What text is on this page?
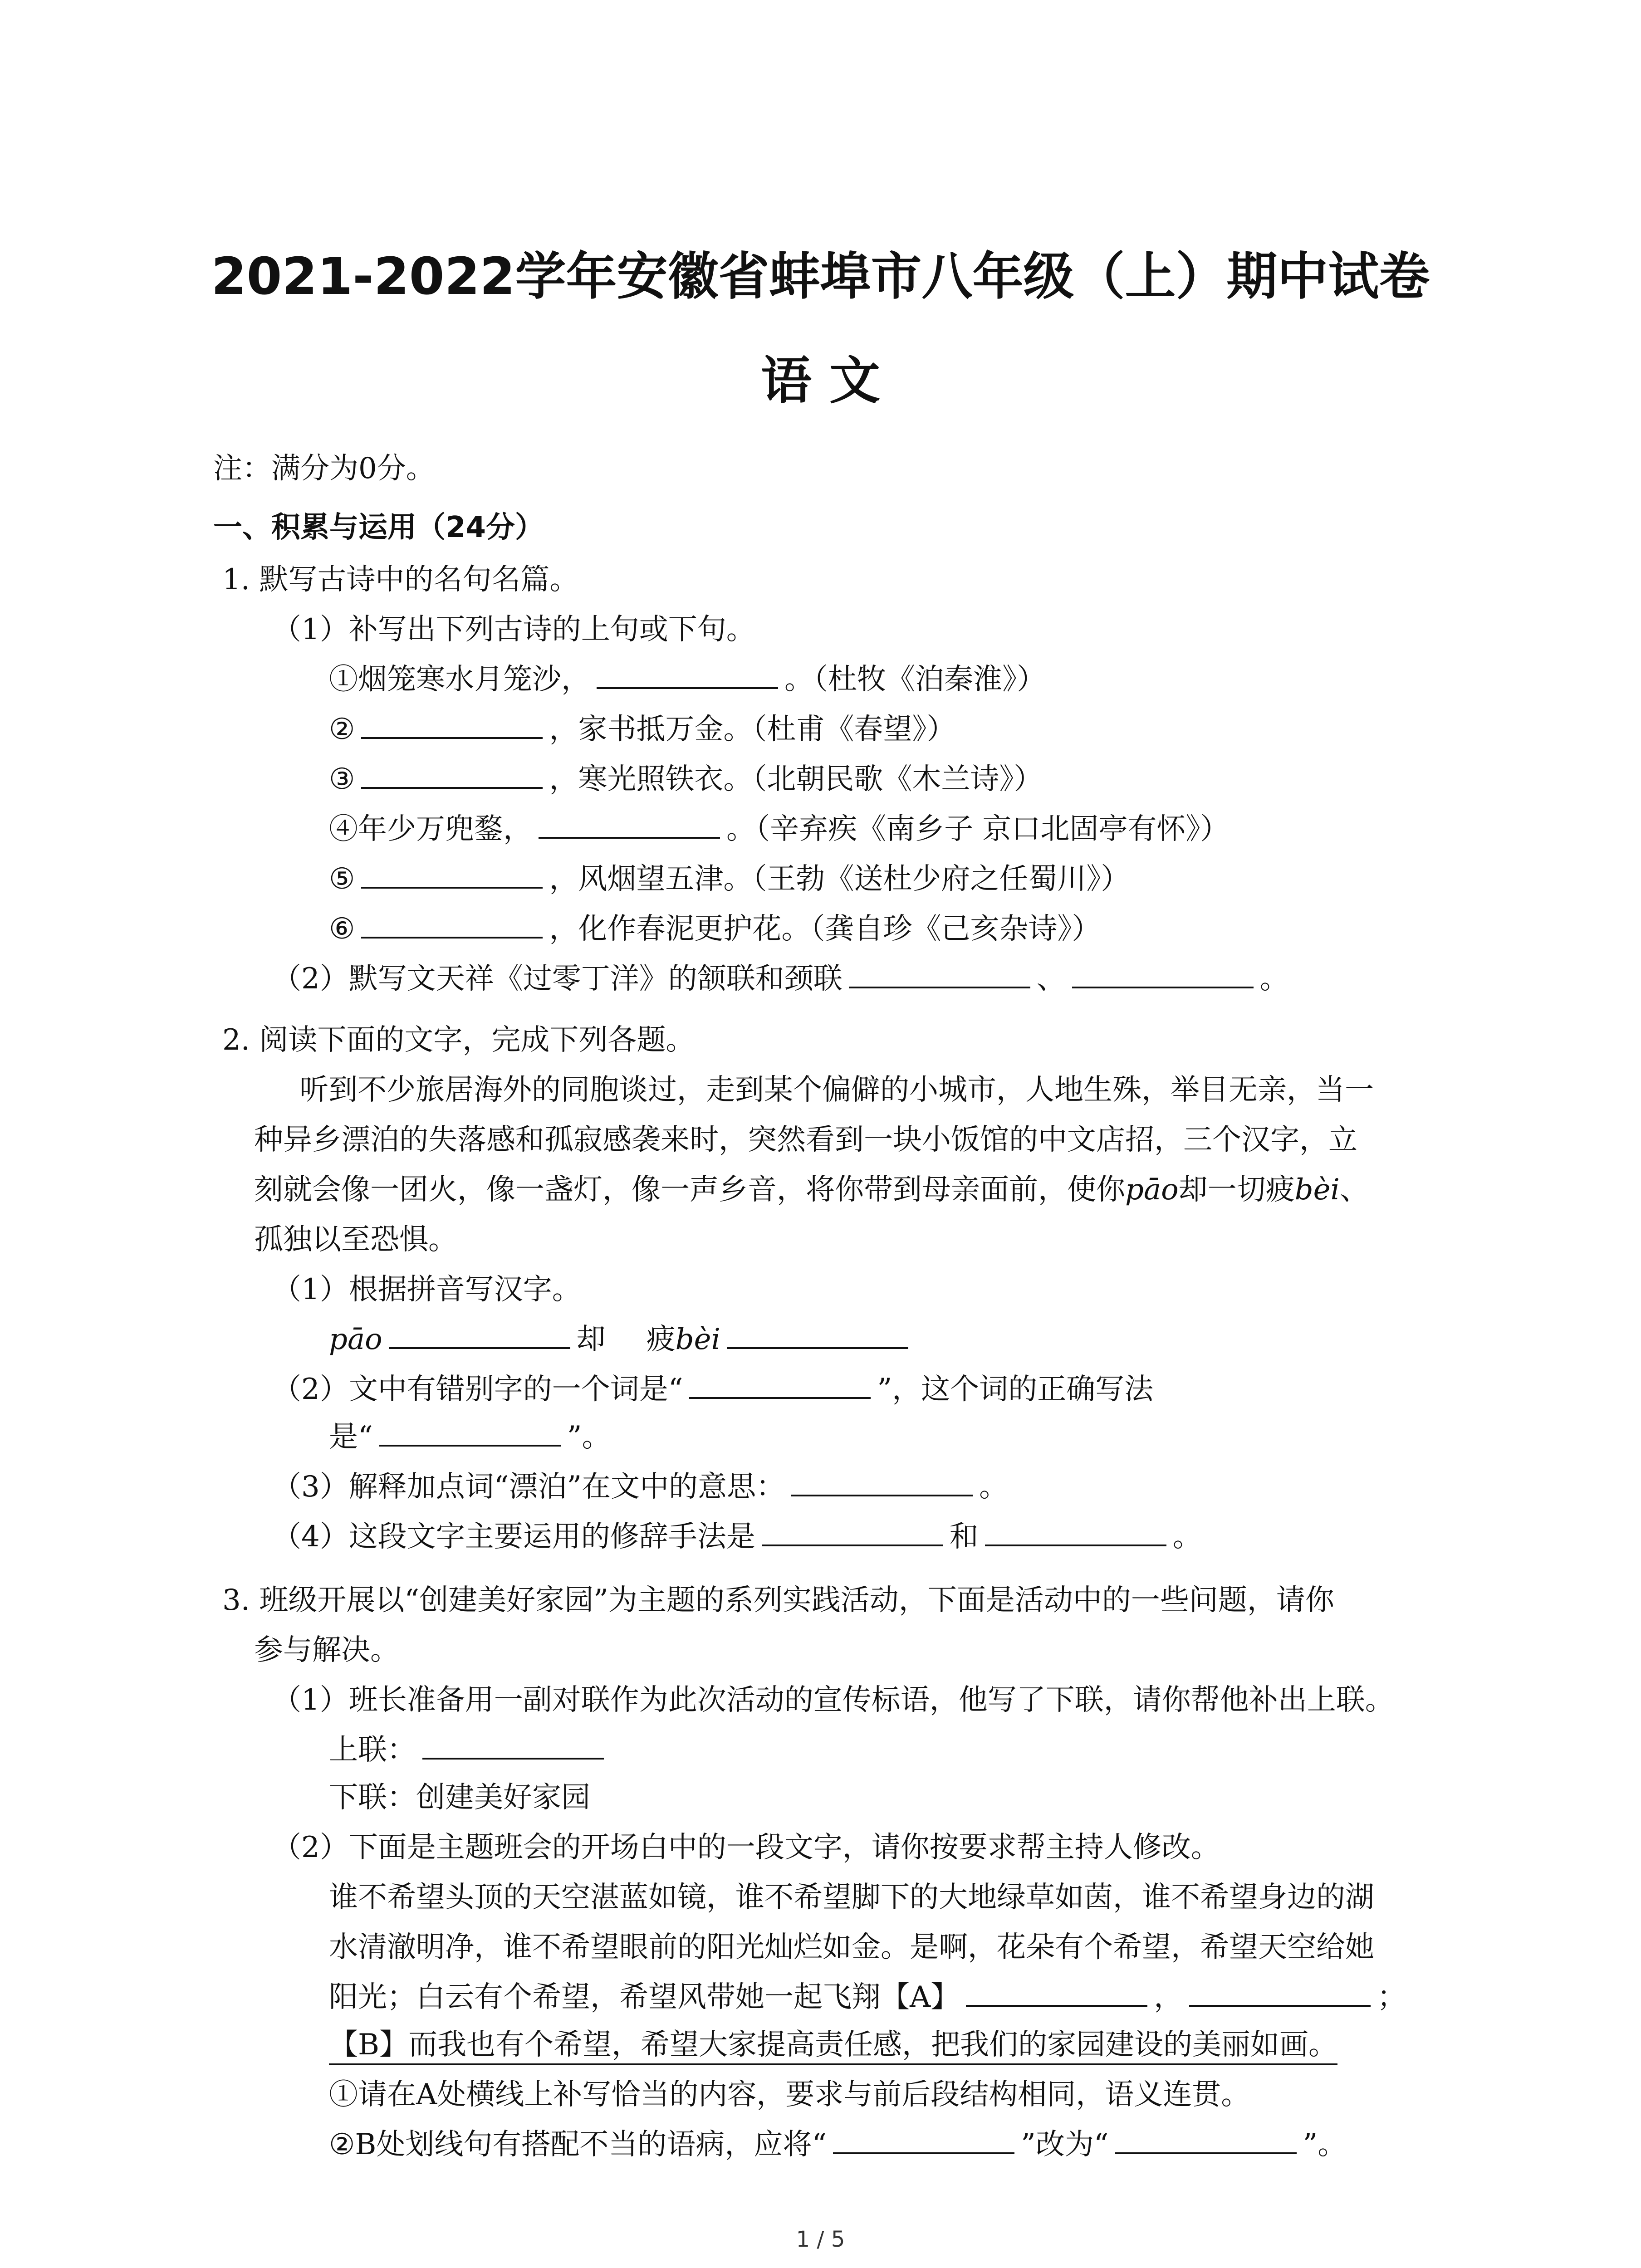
2021-2022学年安徽省蚌埠市八年级（上）期中试卷
语 文
注：满分为0分。
一、积累与运用（24分）
1. 默写古诗中的名句名篇。
（1）补写出下列古诗的上句或下句。
①烟笼寒水月笼沙，	。（杜牧《泊秦淮》）
②	，家书抵万金。（杜甫《春望》）
③	，寒光照铁衣。（北朝民歌《木兰诗》）
④年少万兜鍪，	。（辛弃疾《南乡子 京口北固亭有怀》）
⑤	，风烟望五津。（王勃《送杜少府之任蜀川》）
⑥	，化作春泥更护花。（龚自珍《己亥杂诗》）
（2）默写文天祥《过零丁洋》的颔联和颈联	、	。
2. 阅读下面的文字，完成下列各题。
听到不少旅居海外的同胞谈过，走到某个偏僻的小城市，人地生殊，举目无亲，当一
种异乡漂泊的失落感和孤寂感袭来时，突然看到一块小饭馆的中文店招，三个汉字，立
刻就会像一团火，像一盏灯，像一声乡音，将你带到母亲面前，使你pāo却一切疲bèi、
孤独以至恐惧。
（1）根据拼音写汉字。
pāo	却 疲bèi
（2）文中有错别字的一个词是“	”，这个词的正确写法
是“	”。
（3）解释加点词“漂泊”在文中的意思：	。
（4）这段文字主要运用的修辞手法是	和	。
3. 班级开展以“创建美好家园”为主题的系列实践活动，下面是活动中的一些问题，请你
参与解决。
（1）班长准备用一副对联作为此次活动的宣传标语，他写了下联，请你帮他补出上联。
上联：
下联：创建美好家园
（2）下面是主题班会的开场白中的一段文字，请你按要求帮主持人修改。
谁不希望头顶的天空湛蓝如镜，谁不希望脚下的大地绿草如茵，谁不希望身边的湖
水清澈明净，谁不希望眼前的阳光灿烂如金。是啊，花朵有个希望，希望天空给她
阳光；白云有个希望，希望风带她一起飞翔【A】	，	；
【B】而我也有个希望，希望大家提高责任感，把我们的家园建设的美丽如画。
①请在A处横线上补写恰当的内容，要求与前后段结构相同，语义连贯。
②B处划线句有搭配不当的语病，应将“	”改为“	”。
1 / 5
